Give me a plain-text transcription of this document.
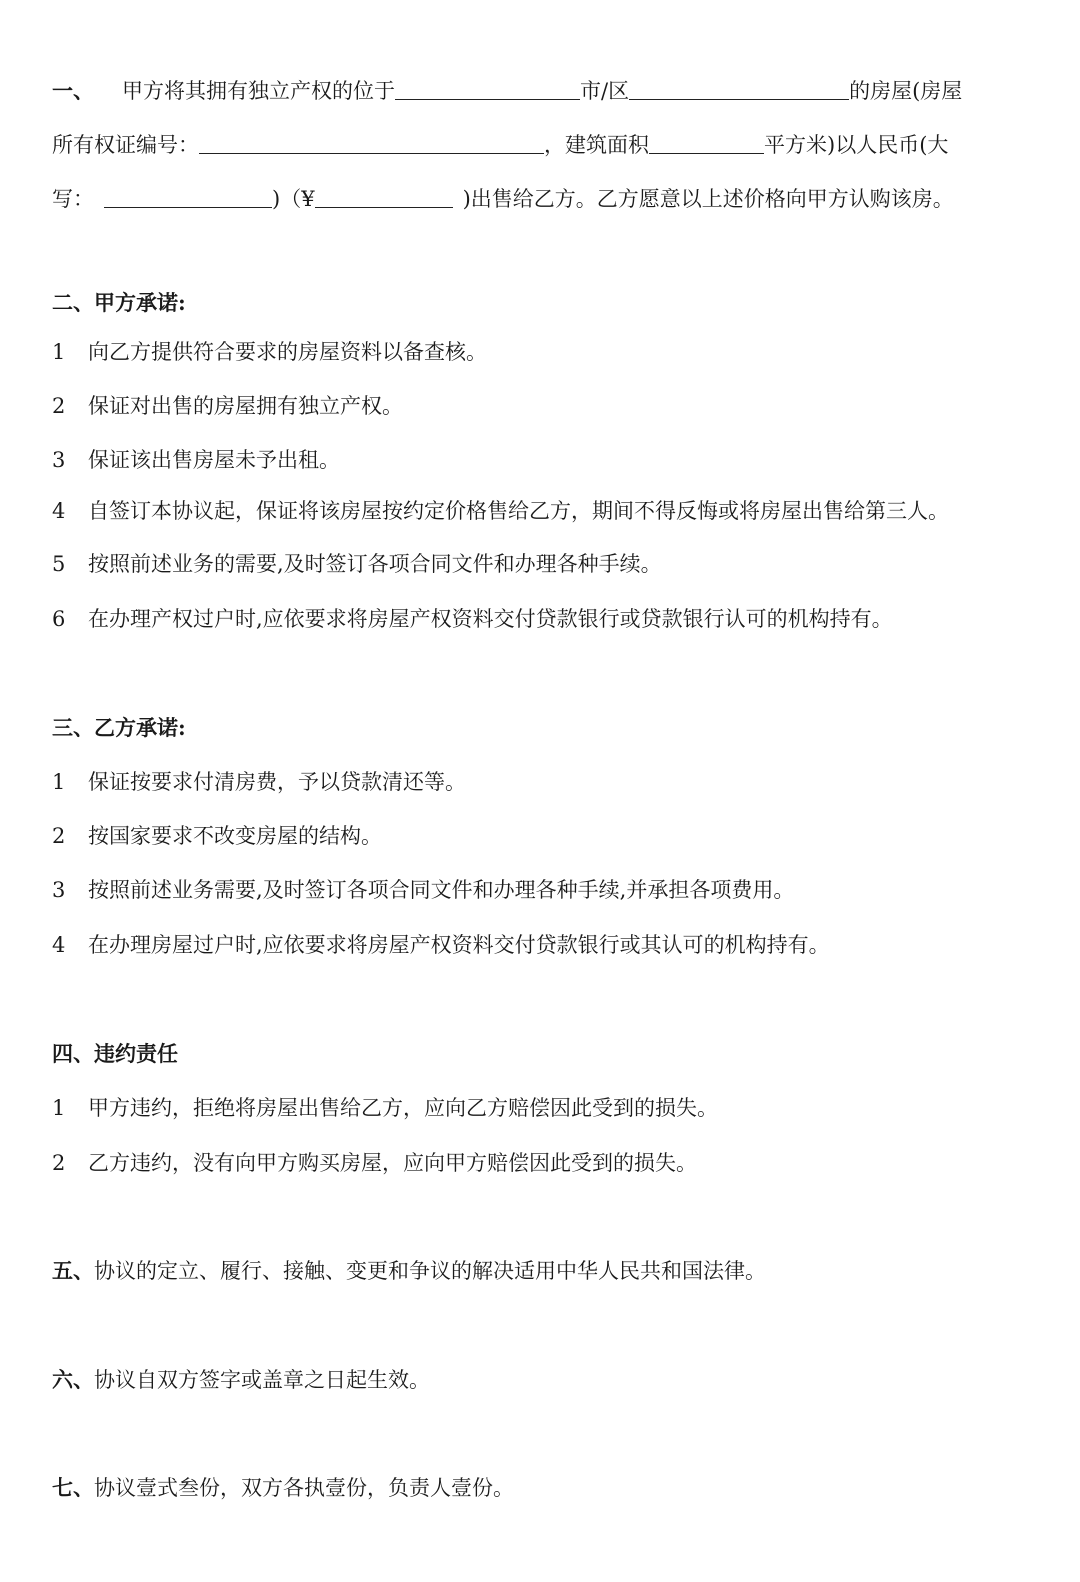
一、 甲方将其拥有独立产权的位于	市/区	的房屋(房屋
所有权证编号：	，建筑面积	平方米)以人民币(大
写：	)（¥	)出售给乙方。乙方愿意以上述价格向甲方认购该房。
二、甲方承诺:
1 向乙方提供符合要求的房屋资料以备查核。
2 保证对出售的房屋拥有独立产权。
3 保证该出售房屋未予出租。
4 自签订本协议起，保证将该房屋按约定价格售给乙方，期间不得反悔或将房屋出售给第三人。
5 按照前述业务的需要,及时签订各项合同文件和办理各种手续。
6 在办理产权过户时,应依要求将房屋产权资料交付贷款银行或贷款银行认可的机构持有。
三、乙方承诺:
1 保证按要求付清房费，予以贷款清还等。
2 按国家要求不改变房屋的结构。
3 按照前述业务需要,及时签订各项合同文件和办理各种手续,并承担各项费用。
4 在办理房屋过户时,应依要求将房屋产权资料交付贷款银行或其认可的机构持有。
四、违约责任
1 甲方违约，拒绝将房屋出售给乙方，应向乙方赔偿因此受到的损失。
2 乙方违约，没有向甲方购买房屋，应向甲方赔偿因此受到的损失。
五、协议的定立、履行、接触、变更和争议的解决适用中华人民共和国法律。
六、协议自双方签字或盖章之日起生效。
七、协议壹式叁份，双方各执壹份，负责人壹份。
